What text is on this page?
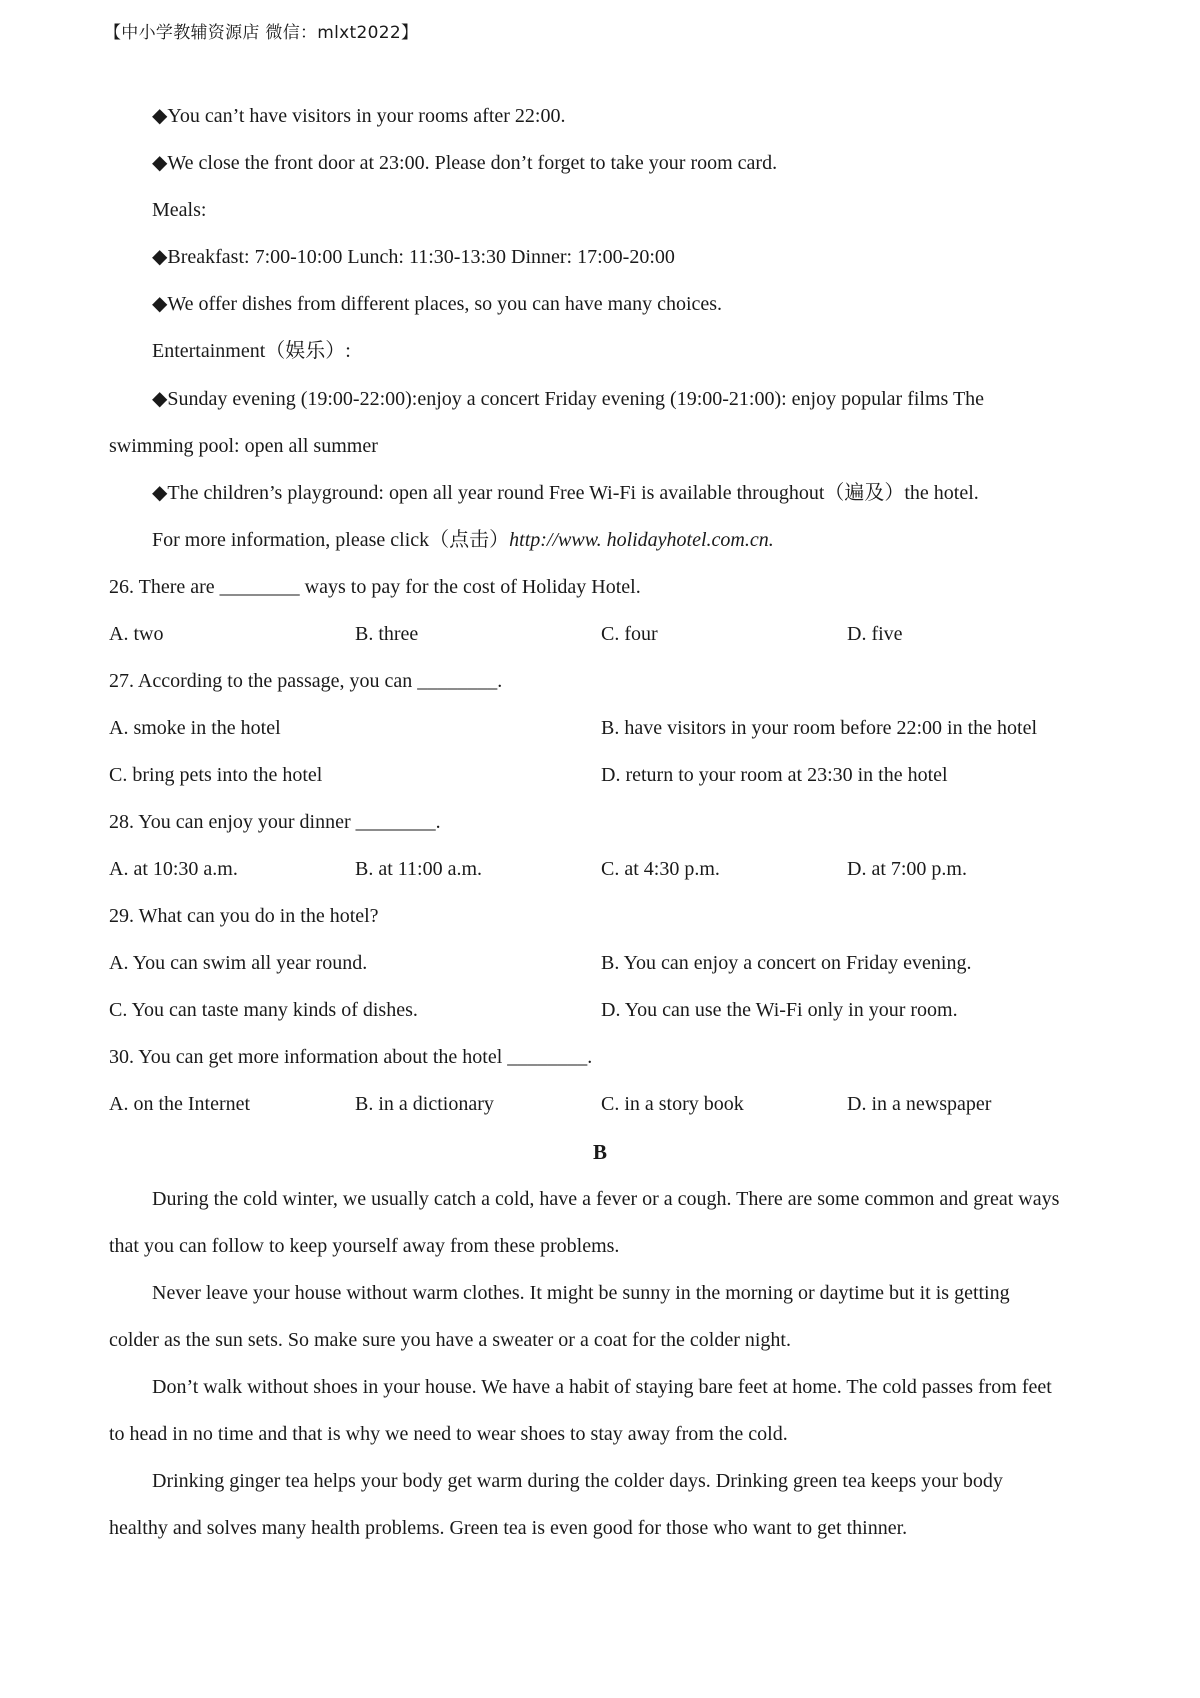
【中小学教辅资源店 微信：mlxt2022】
◆You can’t have visitors in your rooms after 22:00.
◆We close the front door at 23:00. Please don’t forget to take your room card.
Meals:
◆Breakfast: 7:00-10:00 Lunch: 11:30-13:30 Dinner: 17:00-20:00
◆We offer dishes from different places, so you can have many choices.
Entertainment（娱乐）:
◆Sunday evening (19:00-22:00):enjoy a concert Friday evening (19:00-21:00): enjoy popular films The
swimming pool: open all summer
◆The children’s playground: open all year round Free Wi-Fi is available throughout（遍及）the hotel.
For more information, please click（点击）http://www. holidayhotel.com.cn.
26. There are ________ ways to pay for the cost of Holiday Hotel.
A. two	B. three	C. four	D. five
27. According to the passage, you can ________.
A. smoke in the hotel	B. have visitors in your room before 22:00 in the hotel
C. bring pets into the hotel	D. return to your room at 23:30 in the hotel
28. You can enjoy your dinner ________.
A. at 10:30 a.m.	B. at 11:00 a.m.	C. at 4:30 p.m.	D. at 7:00 p.m.
29. What can you do in the hotel?
A. You can swim all year round.	B. You can enjoy a concert on Friday evening.
C. You can taste many kinds of dishes.	D. You can use the Wi-Fi only in your room.
30. You can get more information about the hotel ________.
A. on the Internet	B. in a dictionary	C. in a story book	D. in a newspaper
B
During the cold winter, we usually catch a cold, have a fever or a cough. There are some common and great ways
that you can follow to keep yourself away from these problems.
Never leave your house without warm clothes. It might be sunny in the morning or daytime but it is getting
colder as the sun sets. So make sure you have a sweater or a coat for the colder night.
Don’t walk without shoes in your house. We have a habit of staying bare feet at home. The cold passes from feet
to head in no time and that is why we need to wear shoes to stay away from the cold.
Drinking ginger tea helps your body get warm during the colder days. Drinking green tea keeps your body
healthy and solves many health problems. Green tea is even good for those who want to get thinner.
